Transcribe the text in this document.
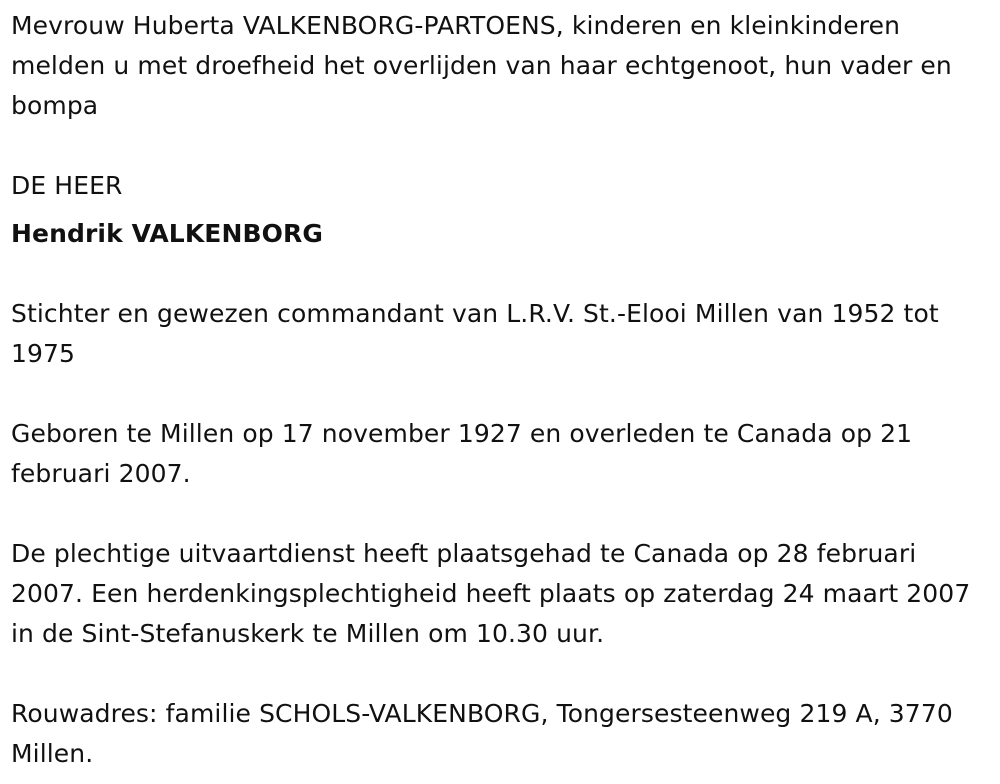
Mevrouw Huberta VALKENBORG-PARTOENS, kinderen en kleinkinderen melden u met droefheid het overlijden van haar echtgenoot, hun vader en bompa

DE HEER

Hendrik VALKENBORG

Stichter en gewezen commandant van L.R.V. St.-Elooi Millen van 1952 tot 1975

Geboren te Millen op 17 november 1927 en overleden te Canada op 21 februari 2007.

De plechtige uitvaartdienst heeft plaatsgehad te Canada op 28 februari 2007. Een herdenkingsplechtigheid heeft plaats op zaterdag 24 maart 2007 in de Sint-Stefanuskerk te Millen om 10.30 uur.

Rouwadres: familie SCHOLS-VALKENBORG, Tongersesteenweg 219 A, 3770 Millen.
